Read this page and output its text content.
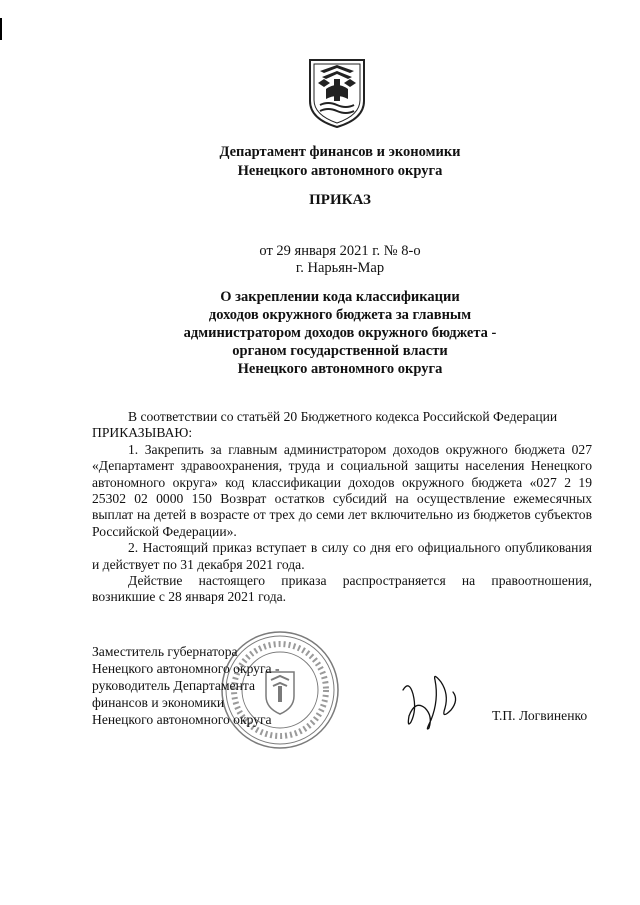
Департамент финансов и экономики
Ненецкого автономного округа
ПРИКАЗ
от 29 января 2021 г. № 8-о
г. Нарьян-Мар
О закреплении кода классификации
доходов окружного бюджета за главным
администратором доходов окружного бюджета -
органом государственной власти
Ненецкого автономного округа

В соответствии со статьёй 20 Бюджетного кодекса Российской Федерации

ПРИКАЗЫВАЮ:

1. Закрепить за главным администратором доходов окружного бюджета 027 «Департамент здравоохранения, труда и социальной защиты населения Ненецкого автономного округа» код классификации доходов окружного бюджета «027 2 19 25302 02 0000 150 Возврат остатков субсидий на осуществление ежемесячных выплат на детей в возрасте от трех до семи лет включительно из бюджетов субъектов Российской Федерации».

2. Настоящий приказ вступает в силу со дня его официального опубликования и действует по 31 декабря 2021 года.

Действие настоящего приказа распространяется на правоотношения, возникшие с 28 января 2021 года.

Заместитель губернатора
Ненецкого автономного округа -
руководитель Департамента
финансов и экономики
Ненецкого автономного округа	Т.П. Логвиненко
